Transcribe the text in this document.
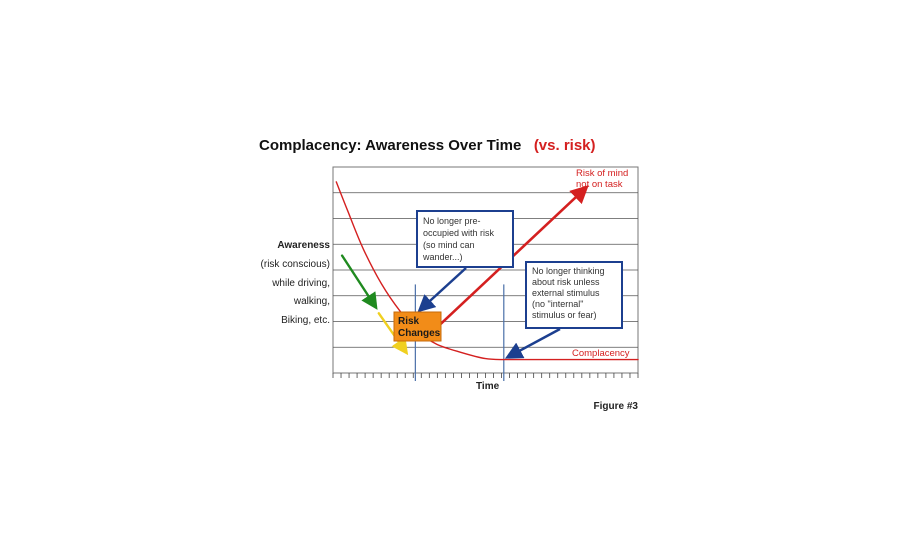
Complacency: Awareness Over Time (vs. risk)
Awareness
(risk conscious)
while driving,
walking,
Biking, etc.
Time
Figure #3
No longer pre-
occupied with risk
(so mind can
wander...)
No longer thinking
about risk unless
external stimulus
(no "internal"
stimulus or fear)
Risk
Changes
Risk of mind
not on task
Complacency
